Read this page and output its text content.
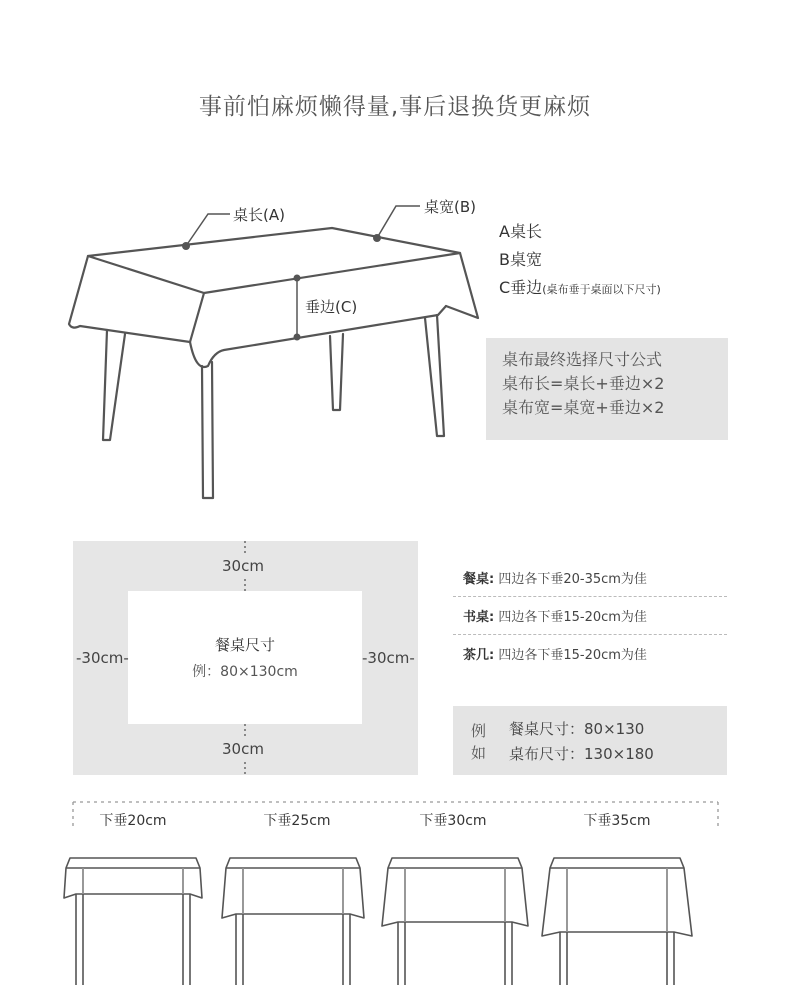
事前怕麻烦懒得量,事后退换货更麻烦
桌长(A)	桌宽(B)
垂边(C)
A桌长
B桌宽
C垂边(桌布垂于桌面以下尺寸)
桌布最终选择尺寸公式
桌布长=桌长+垂边×2
桌布宽=桌宽+垂边×2
30cm
30cm
-30cm-	-30cm-
餐桌尺寸
例：80×130cm
餐桌: 四边各下垂20-35cm为佳
书桌: 四边各下垂15-20cm为佳
茶几: 四边各下垂15-20cm为佳
例
如
餐桌尺寸：80×130
桌布尺寸：130×180
下垂20cm	下垂25cm	下垂30cm	下垂35cm
